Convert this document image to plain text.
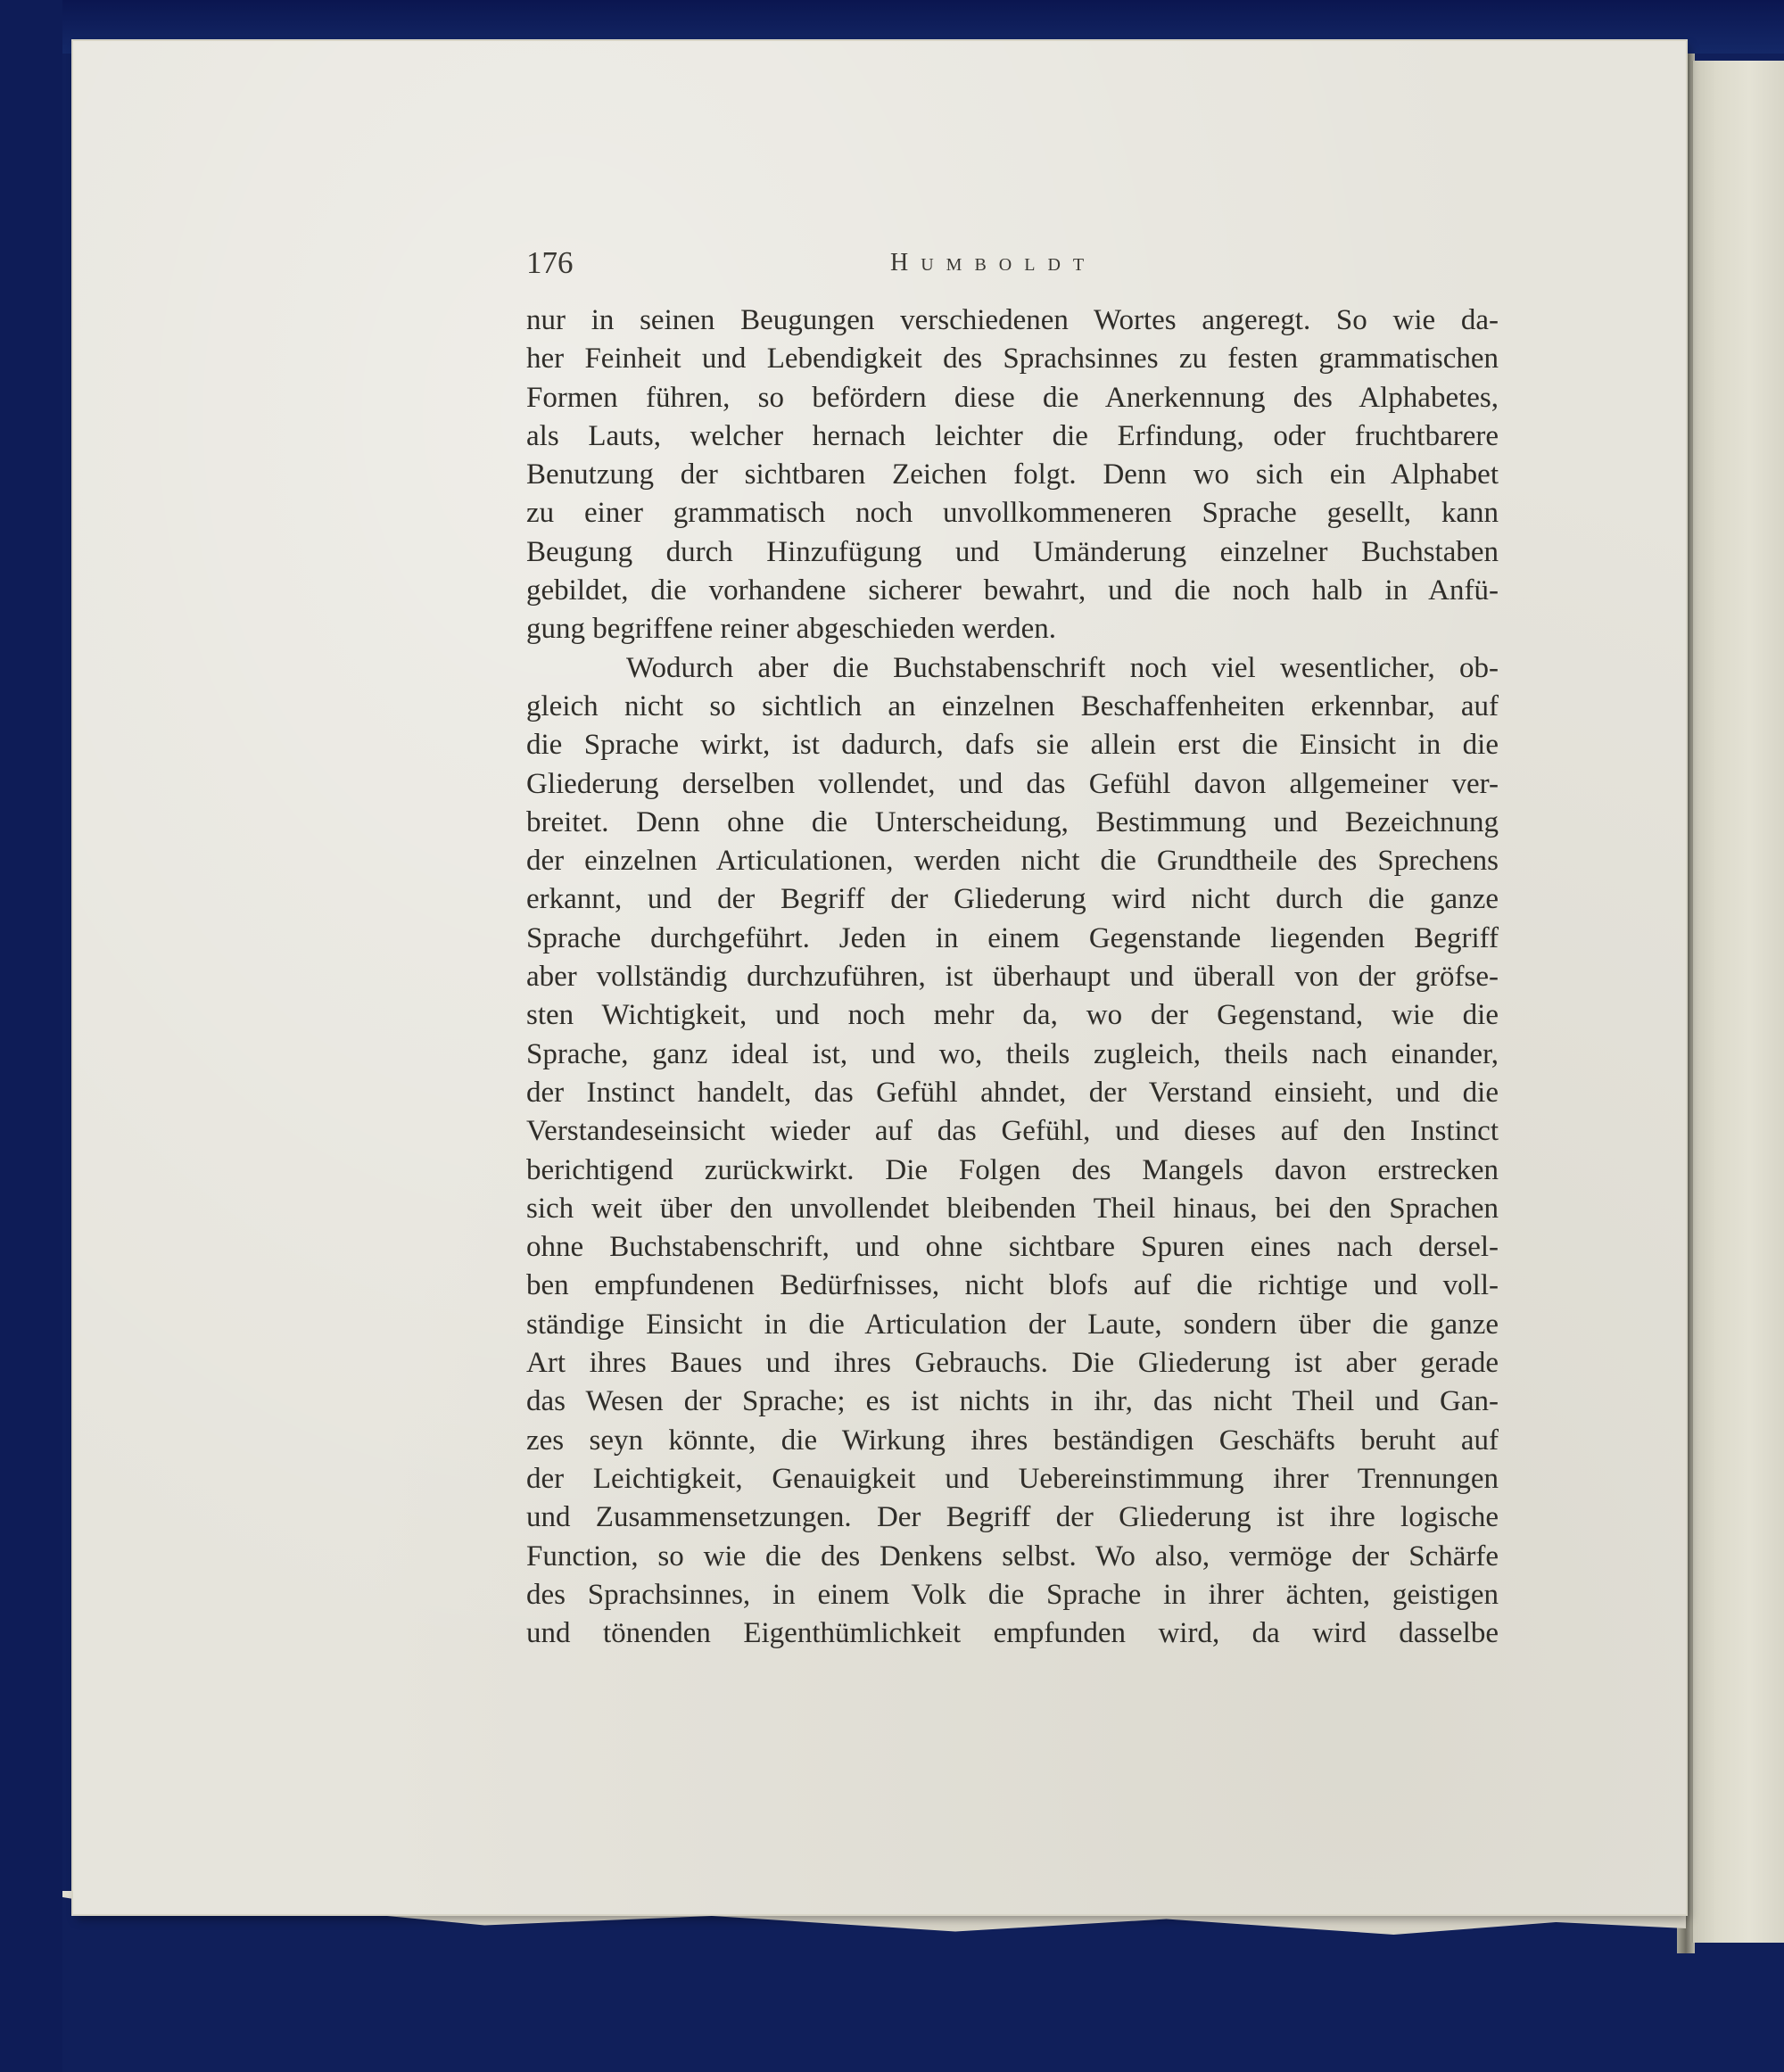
176	Humboldt
nur in seinen Beugungen verschiedenen Wortes angeregt. So wie da-
her Feinheit und Lebendigkeit des Sprachsinnes zu festen grammatischen
Formen führen, so befördern diese die Anerkennung des Alphabetes,
als Lauts, welcher hernach leichter die Erfindung, oder fruchtbarere
Benutzung der sichtbaren Zeichen folgt. Denn wo sich ein Alphabet
zu einer grammatisch noch unvollkommeneren Sprache gesellt, kann
Beugung durch Hinzufügung und Umänderung einzelner Buchstaben
gebildet, die vorhandene sicherer bewahrt, und die noch halb in Anfü-
gung begriffene reiner abgeschieden werden.
Wodurch aber die Buchstabenschrift noch viel wesentlicher, ob-
gleich nicht so sichtlich an einzelnen Beschaffenheiten erkennbar, auf
die Sprache wirkt, ist dadurch, dafs sie allein erst die Einsicht in die
Gliederung derselben vollendet, und das Gefühl davon allgemeiner ver-
breitet. Denn ohne die Unterscheidung, Bestimmung und Bezeichnung
der einzelnen Articulationen, werden nicht die Grundtheile des Sprechens
erkannt, und der Begriff der Gliederung wird nicht durch die ganze
Sprache durchgeführt. Jeden in einem Gegenstande liegenden Begriff
aber vollständig durchzuführen, ist überhaupt und überall von der gröfse-
sten Wichtigkeit, und noch mehr da, wo der Gegenstand, wie die
Sprache, ganz ideal ist, und wo, theils zugleich, theils nach einander,
der Instinct handelt, das Gefühl ahndet, der Verstand einsieht, und die
Verstandeseinsicht wieder auf das Gefühl, und dieses auf den Instinct
berichtigend zurückwirkt. Die Folgen des Mangels davon erstrecken
sich weit über den unvollendet bleibenden Theil hinaus, bei den Sprachen
ohne Buchstabenschrift, und ohne sichtbare Spuren eines nach dersel-
ben empfundenen Bedürfnisses, nicht blofs auf die richtige und voll-
ständige Einsicht in die Articulation der Laute, sondern über die ganze
Art ihres Baues und ihres Gebrauchs. Die Gliederung ist aber gerade
das Wesen der Sprache; es ist nichts in ihr, das nicht Theil und Gan-
zes seyn könnte, die Wirkung ihres beständigen Geschäfts beruht auf
der Leichtigkeit, Genauigkeit und Uebereinstimmung ihrer Trennungen
und Zusammensetzungen. Der Begriff der Gliederung ist ihre logische
Function, so wie die des Denkens selbst. Wo also, vermöge der Schärfe
des Sprachsinnes, in einem Volk die Sprache in ihrer ächten, geistigen
und tönenden Eigenthümlichkeit empfunden wird, da wird dasselbe
